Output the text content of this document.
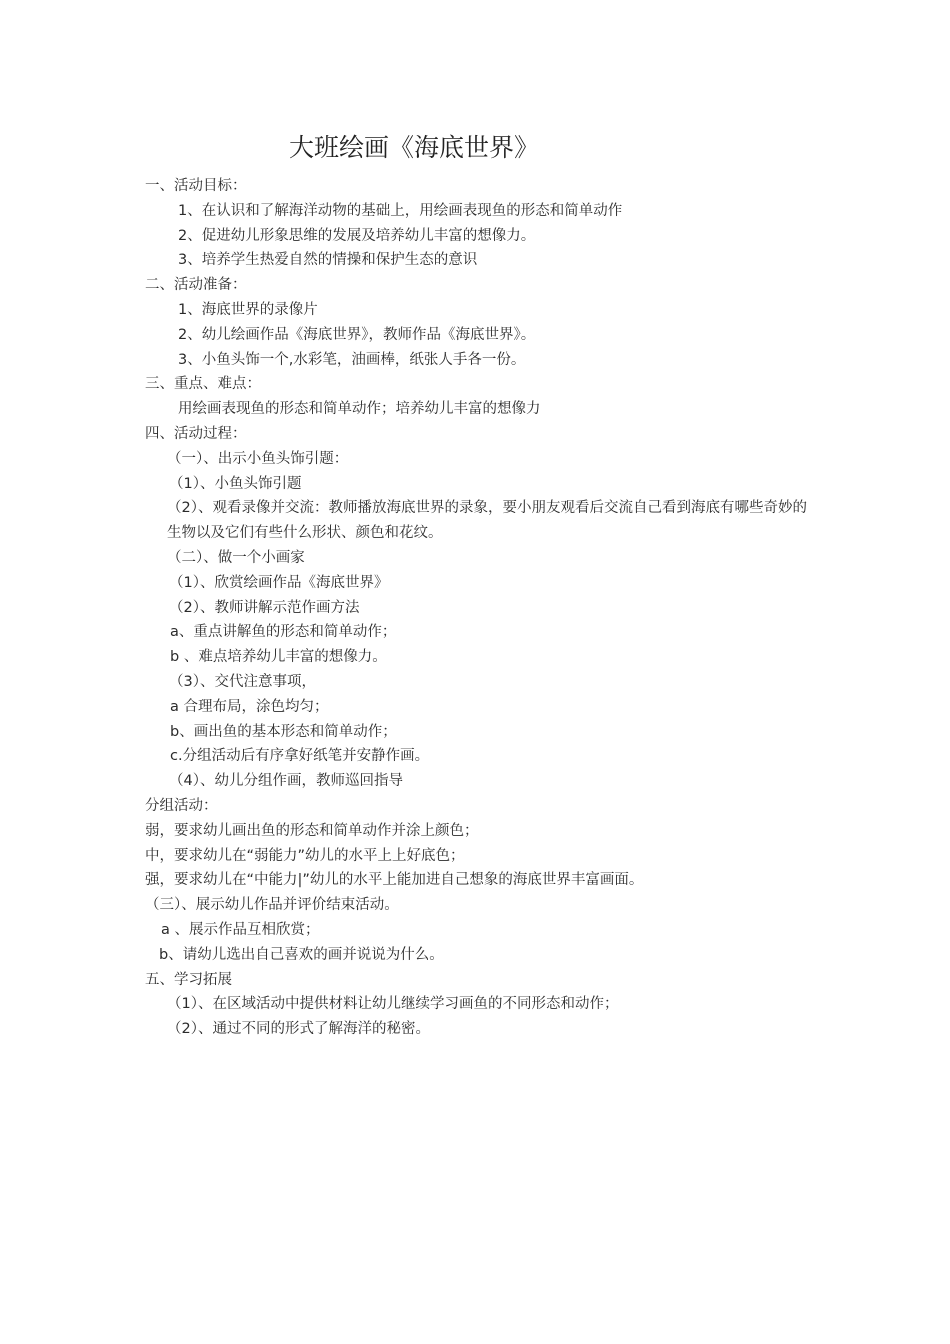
大班绘画《海底世界》
一、活动目标：
1、在认识和了解海洋动物的基础上，用绘画表现鱼的形态和简单动作
2、促进幼儿形象思维的发展及培养幼儿丰富的想像力。
3、培养学生热爱自然的情操和保护生态的意识
二、活动准备：
1、海底世界的录像片
2、幼儿绘画作品《海底世界》，教师作品《海底世界》。
3、小鱼头饰一个,水彩笔，油画棒，纸张人手各一份。
三、重点、难点：
用绘画表现鱼的形态和简单动作；培养幼儿丰富的想像力
四、活动过程：
（一）、出示小鱼头饰引题：
（1）、小鱼头饰引题
（2）、观看录像并交流：教师播放海底世界的录象，要小朋友观看后交流自己看到海底有哪些奇妙的生物以及它们有些什么形状、颜色和花纹。
（二）、做一个小画家
（1）、欣赏绘画作品《海底世界》
（2）、教师讲解示范作画方法
a、重点讲解鱼的形态和简单动作；
b 、难点培养幼儿丰富的想像力。
（3）、交代注意事项，
a 合理布局，涂色均匀；
b、画出鱼的基本形态和简单动作；
c.分组活动后有序拿好纸笔并安静作画。
（4）、幼儿分组作画，教师巡回指导
分组活动：
弱，要求幼儿画出鱼的形态和简单动作并涂上颜色；
中，要求幼儿在“弱能力”幼儿的水平上上好底色；
强，要求幼儿在“中能力|”幼儿的水平上能加进自己想象的海底世界丰富画面。
（三）、展示幼儿作品并评价结束活动。
a 、展示作品互相欣赏；
b、请幼儿选出自己喜欢的画并说说为什么。
五、学习拓展
（1）、在区域活动中提供材料让幼儿继续学习画鱼的不同形态和动作；
（2）、通过不同的形式了解海洋的秘密。
